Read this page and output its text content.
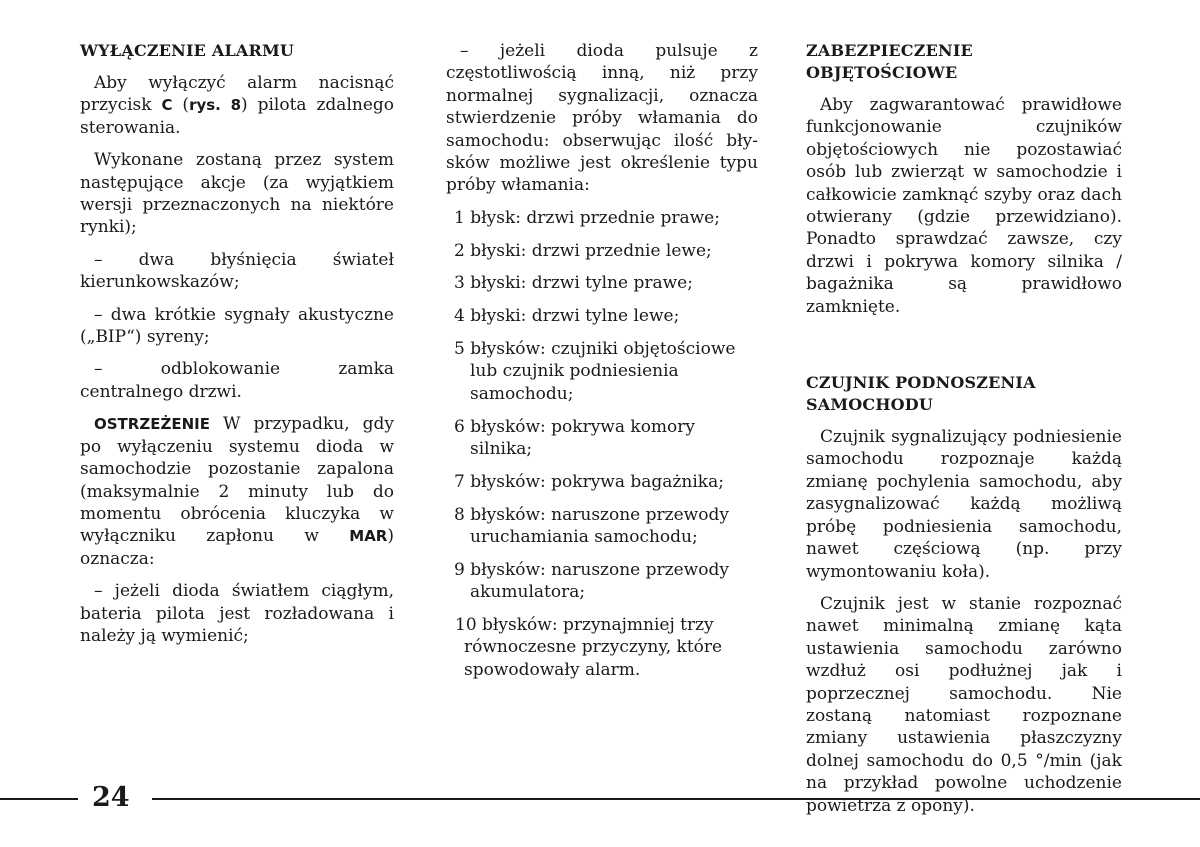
WYŁĄCZENIE ALARMU

Aby wyłączyć alarm nacisnąć przycisk C (rys. 8) pilota zdalnego sterowania.

Wykonane zostaną przez system następujące akcje (za wyjątkiem wersji przeznaczonych na niektóre rynki);

– dwa błyśnięcia świateł kierunkowskazów;

– dwa krótkie sygnały akustyczne („BIP“) syreny;

– odblokowanie zamka centralnego drzwi.

OSTRZEŻENIE W przypadku, gdy po wyłączeniu systemu dioda w samochodzie pozostanie zapalona (maksymalnie 2 minuty lub do momentu obrócenia kluczyka w wyłączniku zapłonu w MAR) oznacza:

– jeżeli dioda światłem ciągłym, bateria pilota jest rozładowana i należy ją wymienić;

– jeżeli dioda pulsuje z częstotliwością inną, niż przy normalnej sygnalizacji, oznacza stwierdzenie próby włamania do samochodu: obserwując ilość błysków możliwe jest określenie typu próby włamania:

1 błysk: drzwi przednie prawe;
2 błyski: drzwi przednie lewe;
3 błyski: drzwi tylne prawe;
4 błyski: drzwi tylne lewe;
5 błysków: czujniki objętościowe lub czujnik podniesienia samochodu;
6 błysków: pokrywa komory silnika;
7 błysków: pokrywa bagażnika;
8 błysków: naruszone przewody uruchamiania samochodu;
9 błysków: naruszone przewody akumulatora;
10 błysków: przynajmniej trzy równoczesne przyczyny, które spowodowały alarm.
ZABEZPIECZENIE
OBJĘTOŚCIOWE

Aby zagwarantować prawidłowe funkcjonowanie czujników objętościowych nie pozostawiać osób lub zwierząt w samochodzie i całkowicie zamknąć szyby oraz dach otwierany (gdzie przewidziano). Ponadto sprawdzać zawsze, czy drzwi i pokrywa komory silnika / bagażnika są prawidłowo zamknięte.

CZUJNIK PODNOSZENIA
SAMOCHODU

Czujnik sygnalizujący podniesienie samochodu rozpoznaje każdą zmianę pochylenia samochodu, aby zasygnalizować każdą możliwą próbę podniesienia samochodu, nawet częściową (np. przy wymontowaniu koła).

Czujnik jest w stanie rozpoznać nawet minimalną zmianę kąta ustawienia samochodu zarówno wzdłuż osi podłużnej jak i poprzecznej samochodu. Nie zostaną natomiast rozpoznane zmiany ustawienia płaszczyzny dolnej samochodu do 0,5 °/min (jak na przykład powolne uchodzenie powietrza z opony).

24
